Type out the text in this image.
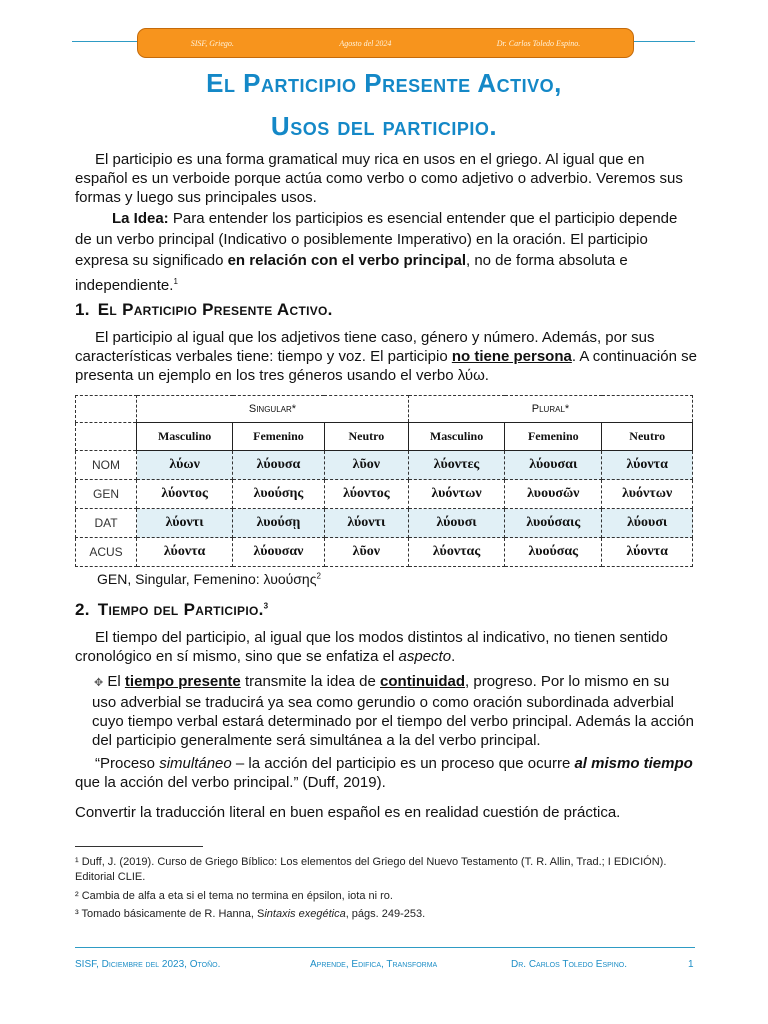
SISF, Griego.	Agosto del 2024	Dr. Carlos Toledo Espino.
El Participio Presente Activo,
Usos del participio.

El participio es una forma gramatical muy rica en usos en el griego. Al igual que en español es un verboide porque actúa como verbo o como adjetivo o adverbio. Veremos sus formas y luego sus principales usos.

La Idea: Para entender los participios es esencial entender que el participio depende de un verbo principal (Indicativo o posiblemente Imperativo) en la oración. El participio expresa su significado en relación con el verbo principal, no de forma absoluta e independiente.$^1$

1. El Participio Presente Activo.

El participio al igual que los adjetivos tiene caso, género y número. Además, por sus características verbales tiene: tiempo y voz. El participio no tiene persona. A continuación se presenta un ejemplo en los tres géneros usando el verbo λύω.

	Singular*			Plural*		
	Masculino	Femenino	Neutro	Masculino	Femenino	Neutro
NOM	λύων	λύουσα	λῦον	λύοντες	λύουσαι	λύοντα
GEN	λύοντος	λυούσης	λύοντος	λυόντων	λυουσῶν	λυόντων
DAT	λύοντι	λυούσῃ	λύοντι	λύουσι	λυούσαις	λύουσι
ACUS	λύοντα	λύουσαν	λῦον	λύοντας	λυούσας	λύοντα
GEN, Singular, Femenino: λυούσης$^2$
2. Tiempo del Participio.$^3$

El tiempo del participio, al igual que los modos distintos al indicativo, no tienen sentido cronológico en sí mismo, sino que se enfatiza el aspecto.

✥ El tiempo presente transmite la idea de continuidad, progreso. Por lo mismo en su uso adverbial se traducirá ya sea como gerundio o como oración subordinada adverbial cuyo tiempo verbal estará determinado por el tiempo del verbo principal. Además la acción del participio generalmente será simultánea a la del verbo principal.

“Proceso simultáneo – la acción del participio es un proceso que ocurre al mismo tiempo que la acción del verbo principal.” (Duff, 2019).

Convertir la traducción literal en buen español es en realidad cuestión de práctica.

¹ Duff, J. (2019). Curso de Griego Bíblico: Los elementos del Griego del Nuevo Testamento (T. R. Allin, Trad.; I EDICIÓN). Editorial CLIE.

² Cambia de alfa a eta si el tema no termina en épsilon, iota ni ro.

³ Tomado básicamente de R. Hanna, Sintaxis exegética, págs. 249-253.

SISF, Diciembre del 2023, Otoño.	Aprende, Edifica, Transforma	Dr. Carlos Toledo Espino.	1
